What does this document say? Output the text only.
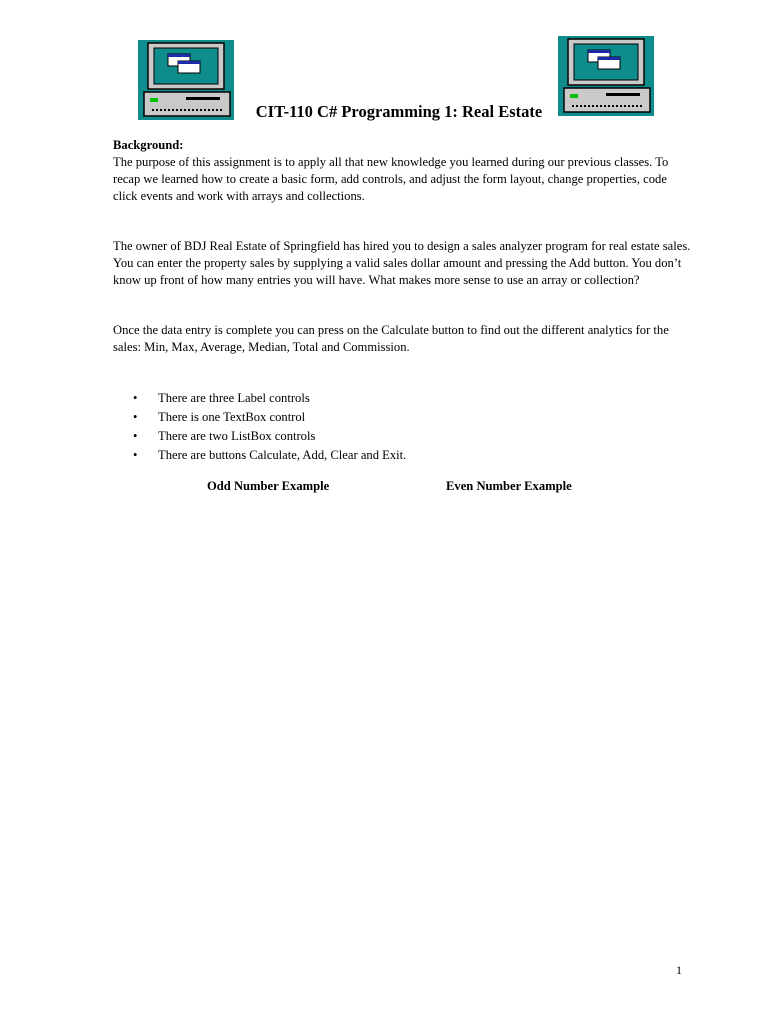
CIT-110 C# Programming 1: Real Estate
Background:
The purpose of this assignment is to apply all that new knowledge you learned during our previous classes. To recap we learned how to create a basic form, add controls, and adjust the form layout, change properties, code click events and work with arrays and collections.
The owner of BDJ Real Estate of Springfield has hired you to design a sales analyzer program for real estate sales. You can enter the property sales by supplying a valid sales dollar amount and pressing the Add button. You don’t know up front of how many entries you will have. What makes more sense to use an array or collection?
Once the data entry is complete you can press on the Calculate button to find out the different analytics for the sales: Min, Max, Average, Median, Total and Commission.
• There are three Label controls
• There is one TextBox control
• There are two ListBox controls
• There are buttons Calculate, Add, Clear and Exit.
Odd Number Example	Even Number Example
1
